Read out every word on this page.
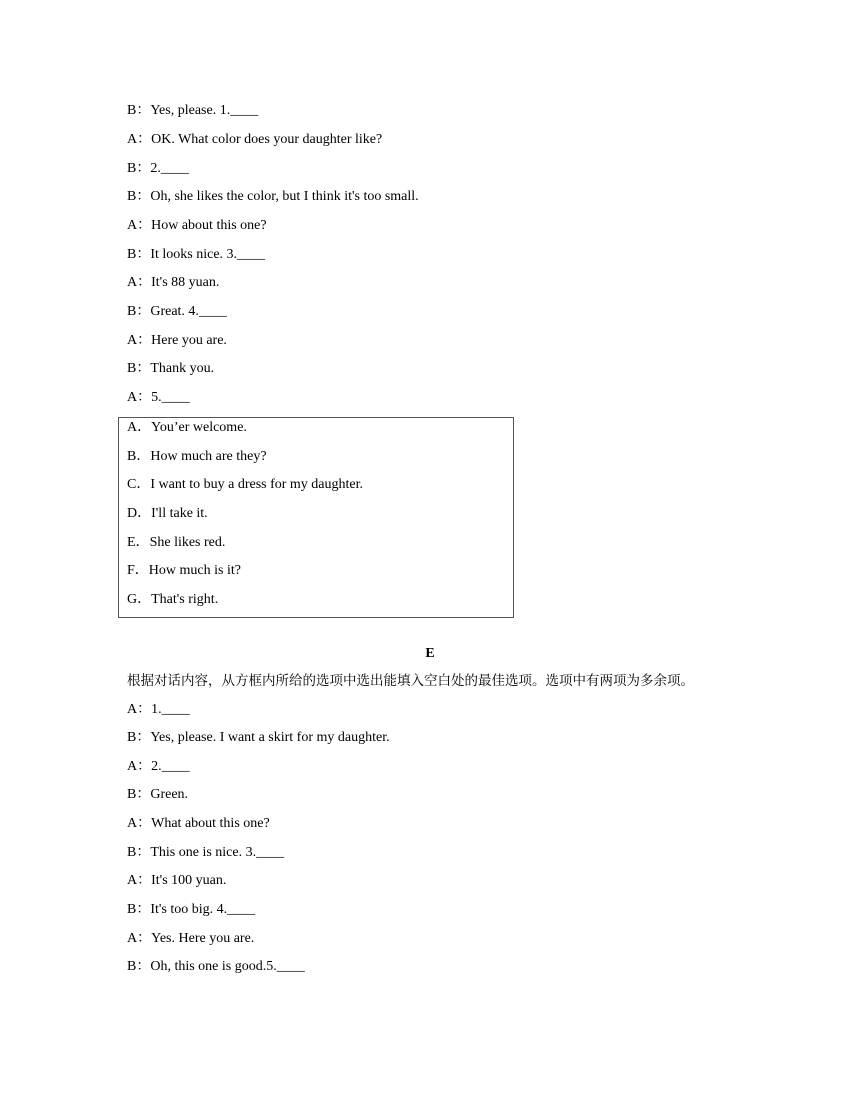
B：Yes, please. 1.____
A：OK. What color does your daughter like?
B：2.____
B：Oh, she likes the color, but I think it's too small.
A：How about this one?
B：It looks nice. 3.____
A：It's 88 yuan.
B：Great. 4.____
A：Here you are.
B：Thank you.
A：5.____
A．You’er welcome.
B．How much are they?
C．I want to buy a dress for my daughter.
D．I'll take it.
E．She likes red.
F．How much is it?
G．That's right.
E
根据对话内容，从方框内所给的选项中选出能填入空白处的最佳选项。选项中有两项为多余项。
A：1.____
B：Yes, please. I want a skirt for my daughter.
A：2.____
B：Green.
A：What about this one?
B：This one is nice. 3.____
A：It's 100 yuan.
B：It's too big. 4.____
A：Yes. Here you are.
B：Oh, this one is good.5.____
